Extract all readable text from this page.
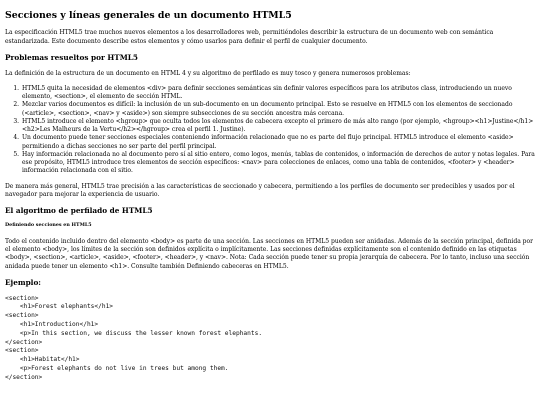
Secciones y líneas generales de un documento HTML5

La especificación HTML5 trae muchos nuevos elementos a los desarrolladores web, permitiéndoles describir la estructura de un documento web con semántica estandarizada. Este documento describe estos elementos y cómo usarlos para definir el perfil de cualquier documento.

Problemas resueltos por HTML5

La definición de la estructura de un documento en HTML 4 y su algoritmo de perfilado es muy tosco y genera numerosos problemas:

1. HTML5 quita la necesidad de elementos <div> para definir secciones semánticas sin definir valores específicos para los atributos class, introduciendo un nuevo elemento, <section>, el elemento de sección HTML.
2. Mezclar varios documentos es difícil: la inclusión de un sub-documento en un documento principal. Esto se resuelve en HTML5 con los elementos de seccionado (<article>, <section>, <nav> y <aside>) son siempre subsecciones de su sección ancestra más cercana.
3. HTML5 introduce el elemento <hgroup> que oculta todos los elementos de cabecera excepto el primero de más alto rango (por ejemplo, <hgroup><h1>Justine</h1><h2>Les Malheurs de la Vertu</h2></hgroup> crea el perfil 1. Justine).
4. Un documento puede tener secciones especiales conteniendo información relacionado que no es parte del flujo principal. HTML5 introduce el elemento <aside> permitiendo a dichas secciones no ser parte del perfil principal.
5. Hay información relacionada no al documento pero sí al sitio entero, como logos, menús, tablas de contenidos, o información de derechos de autor y notas legales. Para ese propósito, HTML5 introduce tres elementos de sección específicos: <nav> para colecciones de enlaces, como una tabla de contenidos, <footer> y <header> información relacionada con el sitio.

De manera más general, HTML5 trae precisión a las características de seccionado y cabecera, permitiendo a los perfiles de documento ser predecibles y usados por el navegador para mejorar la experiencia de usuario.

El algoritmo de perfilado de HTML5
Definiendo secciones en HTML5

Todo el contenido incluido dentro del elemento <body> es parte de una sección. Las secciones en HTML5 pueden ser anidadas. Además de la sección principal, definida por el elemento <body>, los límites de la sección son definidos explícita o implícitamente. Las secciones definidas explícitamente son el contenido definido en las etiquetas <body>, <section>, <article>, <aside>, <footer>, <header>, y <nav>. Nota: Cada sección puede tener su propia jerarquía de cabecera. Por lo tanto, incluso una sección anidada puede tener un elemento <h1>. Consulte también Definiendo cabeceras en HTML5.

Ejemplo:
<section>
<h1>Forest elephants</h1>
<section>
<h1>Introduction</h1>
<p>In this section, we discuss the lesser known forest elephants.
</section>
<section>
<h1>Habitat</h1>
<p>Forest elephants do not live in trees but among them.
</section>
